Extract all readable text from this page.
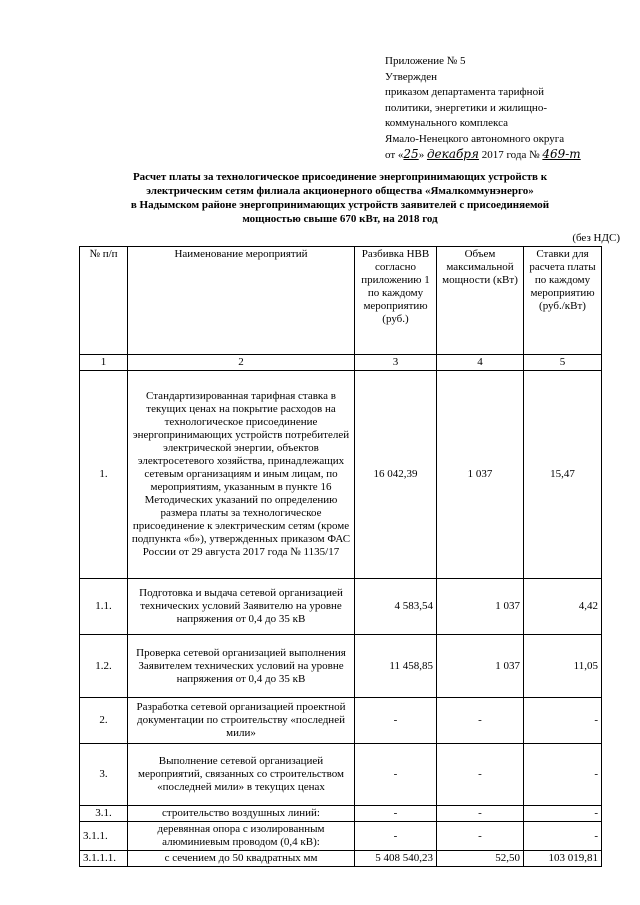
Приложение № 5
Утвержден
приказом департамента тарифной
политики, энергетики и жилищно-
коммунального комплекса
Ямало-Ненецкого автономного округа
от «25» декабря 2017 года № 469-т
Расчет платы за технологическое присоединение энергопринимающих устройств к
электрическим сетям филиала акционерного общества «Ямалкоммунэнерго»
в Надымском районе энергопринимающих устройств заявителей с присоединяемой
мощностью свыше 670 кВт, на 2018 год
(без НДС)
№ п/п	Наименование мероприятий	Разбивка НВВ согласно приложению 1 по каждому мероприятию (руб.)	Объем максимальной мощности (кВт)	Ставки для расчета платы по каждому мероприятию (руб./кВт)
1	2	3	4	5
1.	Стандартизированная тарифная ставка в текущих ценах на покрытие расходов на технологическое присоединение энергопринимающих устройств потребителей электрической энергии, объектов электросетевого хозяйства, принадлежащих сетевым организациям и иным лицам, по мероприятиям, указанным в пункте 16 Методических указаний по определению размера платы за технологическое присоединение к электрическим сетям (кроме подпункта «б»), утвержденных приказом ФАС России от 29 августа 2017 года № 1135/17	16 042,39	1 037	15,47
1.1.	Подготовка и выдача сетевой организацией технических условий Заявителю на уровне напряжения от 0,4 до 35 кВ	4 583,54	1 037	4,42
1.2.	Проверка сетевой организацией выполнения Заявителем технических условий на уровне напряжения от 0,4 до 35 кВ	11 458,85	1 037	11,05
2.	Разработка сетевой организацией проектной документации по строительству «последней мили»	-	-	-
3.	Выполнение сетевой организацией мероприятий, связанных со строительством «последней мили» в текущих ценах	-	-	-
3.1.	строительство воздушных линий:	-	-	-
3.1.1.	деревянная опора с изолированным алюминиевым проводом (0,4 кВ):	-	-	-
3.1.1.1.	с сечением до 50 квадратных мм	5 408 540,23	52,50	103 019,81
